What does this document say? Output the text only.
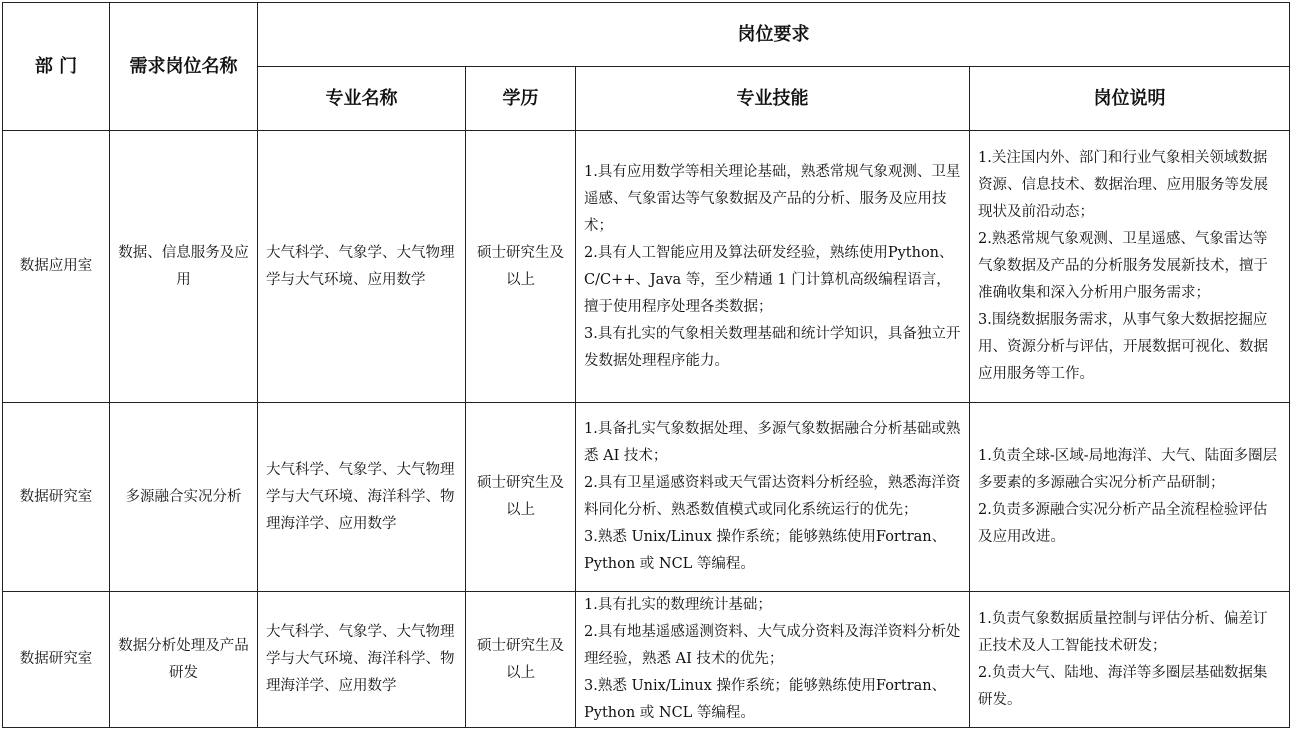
部 门	需求岗位名称	岗位要求			
		专业名称	学历	专业技能	岗位说明
数据应用室	数据、信息服务及应用	大气科学、气象学、大气物理学与大气环境、应用数学	硕士研究生及以上	1.具有应用数学等相关理论基础，熟悉常规气象观测、卫星遥感、气象雷达等气象数据及产品的分析、服务及应用技术；
2.具有人工智能应用及算法研发经验，熟练使用Python、C/C++、Java 等，至少精通 1 门计算机高级编程语言，擅于使用程序处理各类数据；
3.具有扎实的气象相关数理基础和统计学知识，具备独立开发数据处理程序能力。	1.关注国内外、部门和行业气象相关领域数据资源、信息技术、数据治理、应用服务等发展现状及前沿动态；
2.熟悉常规气象观测、卫星遥感、气象雷达等气象数据及产品的分析服务发展新技术，擅于准确收集和深入分析用户服务需求；
3.围绕数据服务需求，从事气象大数据挖掘应用、资源分析与评估，开展数据可视化、数据应用服务等工作。

数据研究室	多源融合实况分析	大气科学、气象学、大气物理学与大气环境、海洋科学、物理海洋学、应用数学	硕士研究生及以上	1.具备扎实气象数据处理、多源气象数据融合分析基础或熟悉 AI 技术；
2.具有卫星遥感资料或天气雷达资料分析经验，熟悉海洋资料同化分析、熟悉数值模式或同化系统运行的优先；
3.熟悉 Unix/Linux 操作系统；能够熟练使用Fortran、Python 或 NCL 等编程。	1.负责全球-区域-局地海洋、大气、陆面多圈层多要素的多源融合实况分析产品研制；
2.负责多源融合实况分析产品全流程检验评估及应用改进。

数据研究室	数据分析处理及产品研发	大气科学、气象学、大气物理学与大气环境、海洋科学、物理海洋学、应用数学	硕士研究生及以上	1.具有扎实的数理统计基础；
2.具有地基遥感遥测资料、大气成分资料及海洋资料分析处理经验，熟悉 AI 技术的优先；
3.熟悉 Unix/Linux 操作系统；能够熟练使用Fortran、Python 或 NCL 等编程。	1.负责气象数据质量控制与评估分析、偏差订正技术及人工智能技术研发；
2.负责大气、陆地、海洋等多圈层基础数据集研发。
